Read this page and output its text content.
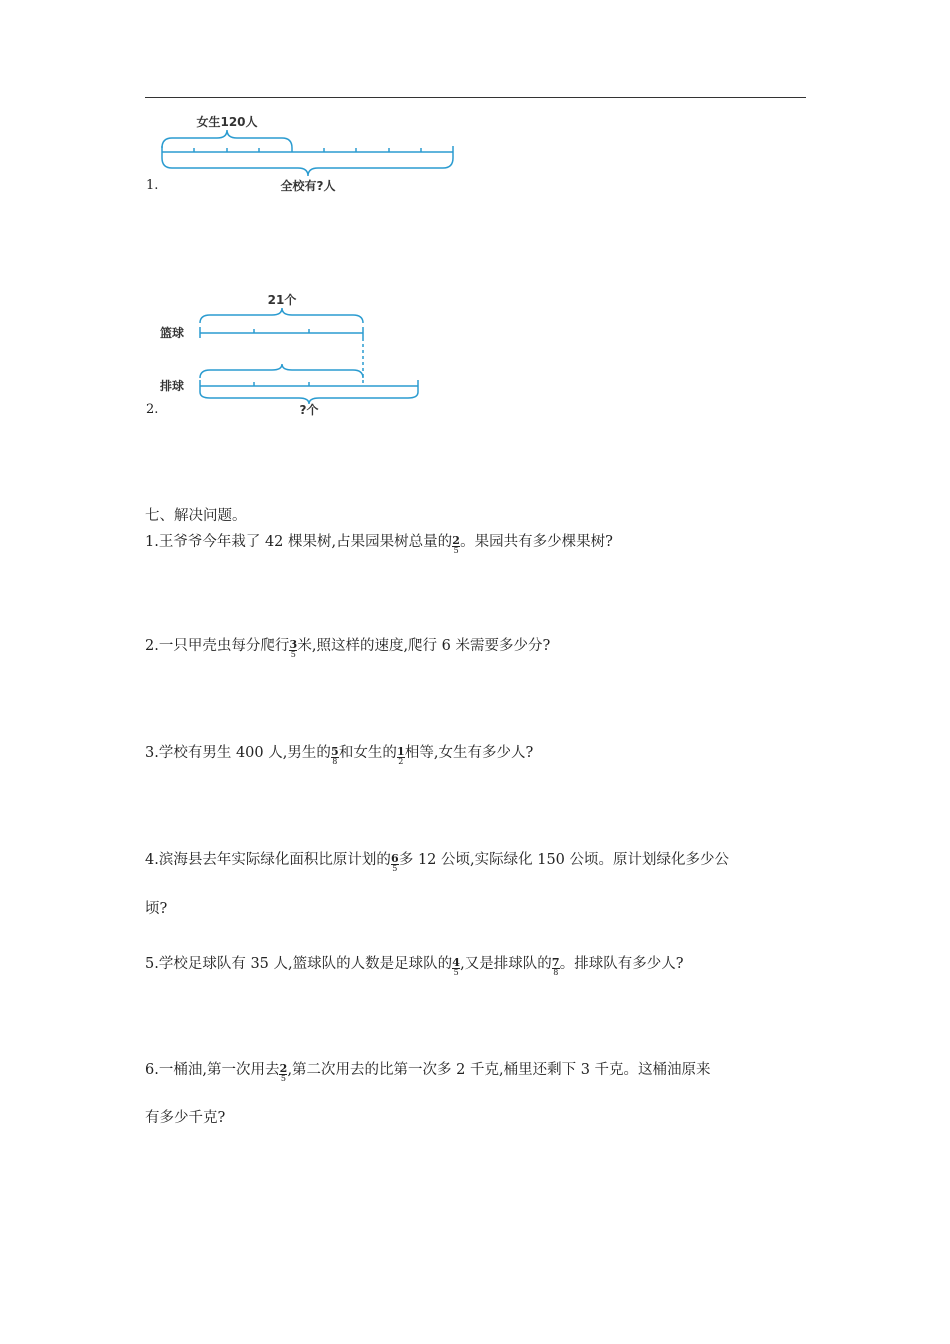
女生120人
全校有?人
1.
篮球
排球
21个
?个
2.
七、解决问题。
1.王爷爷今年栽了 42 棵果树,占果园果树总量的 $\frac{2}{5}$ 。果园共有多少棵果树?
2.一只甲壳虫每分爬行 $\frac{3}{5}$ 米,照这样的速度,爬行 6 米需要多少分?
3.学校有男生 400 人,男生的 $\frac{5}{8}$ 和女生的 $\frac{1}{2}$ 相等,女生有多少人?
4.滨海县去年实际绿化面积比原计划的 $\frac{6}{5}$ 多 12 公顷,实际绿化 150 公顷。原计划绿化多少公
顷?
5.学校足球队有 35 人,篮球队的人数是足球队的 $\frac{4}{5}$ ,又是排球队的 $\frac{7}{8}$ 。排球队有多少人?
6.一桶油,第一次用去 $\frac{2}{5}$ ,第二次用去的比第一次多 2 千克,桶里还剩下 3 千克。这桶油原来
有多少千克?
